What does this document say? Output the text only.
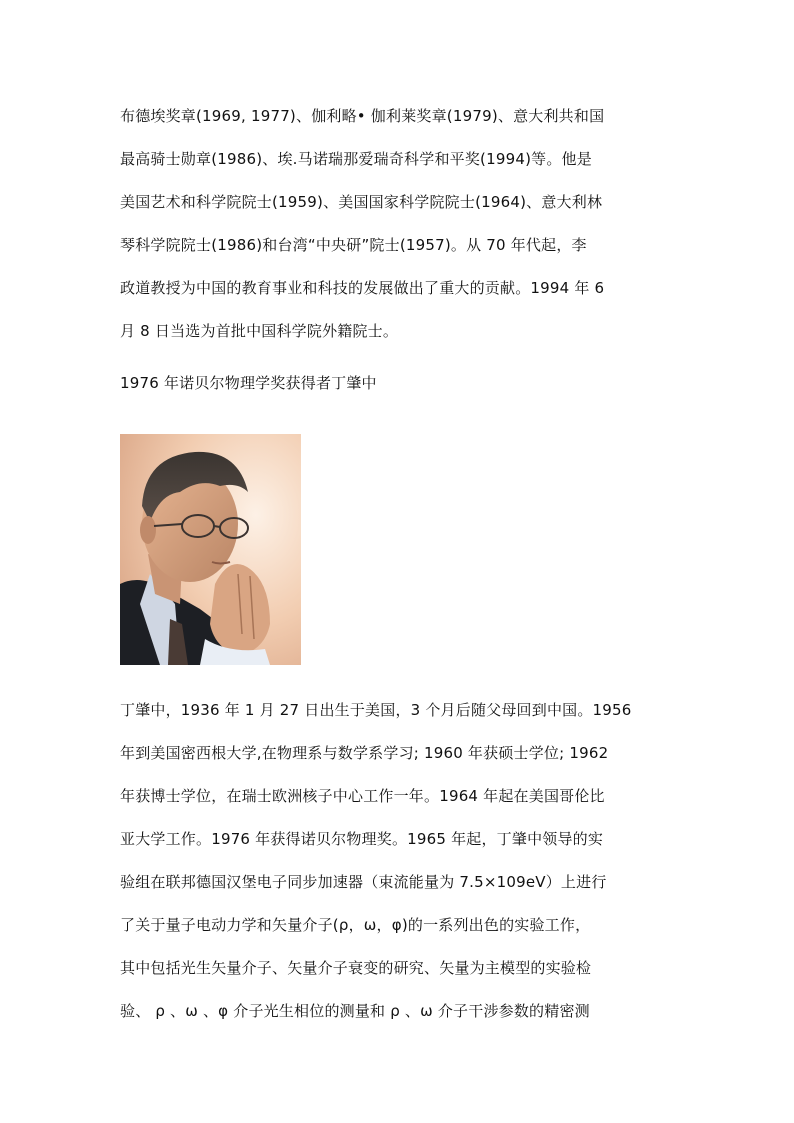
布德埃奖章(1969, 1977)、伽利略• 伽利莱奖章(1979)、意大利共和国
最高骑士勋章(1986)、埃.马诺瑞那爱瑞奇科学和平奖(1994)等。他是
美国艺术和科学院院士(1959)、美国国家科学院院士(1964)、意大利林
琴科学院院士(1986)和台湾“中央研”院士(1957)。从 70 年代起，李
政道教授为中国的教育事业和科技的发展做出了重大的贡献。1994 年 6
月 8 日当选为首批中国科学院外籍院士。
1976 年诺贝尔物理学奖获得者丁肇中
丁肇中，1936 年 1 月 27 日出生于美国，3 个月后随父母回到中国。1956
年到美国密西根大学,在物理系与数学系学习; 1960 年获硕士学位; 1962
年获博士学位，在瑞士欧洲核子中心工作一年。1964 年起在美国哥伦比
亚大学工作。1976 年获得诺贝尔物理奖。1965 年起，丁肇中领导的实
验组在联邦德国汉堡电子同步加速器（束流能量为 7.5×109eV）上进行
了关于量子电动力学和矢量介子(ρ，ω，φ)的一系列出色的实验工作，
其中包括光生矢量介子、矢量介子衰变的研究、矢量为主模型的实验检
验、 ρ 、ω 、φ 介子光生相位的测量和 ρ 、ω 介子干涉参数的精密测
